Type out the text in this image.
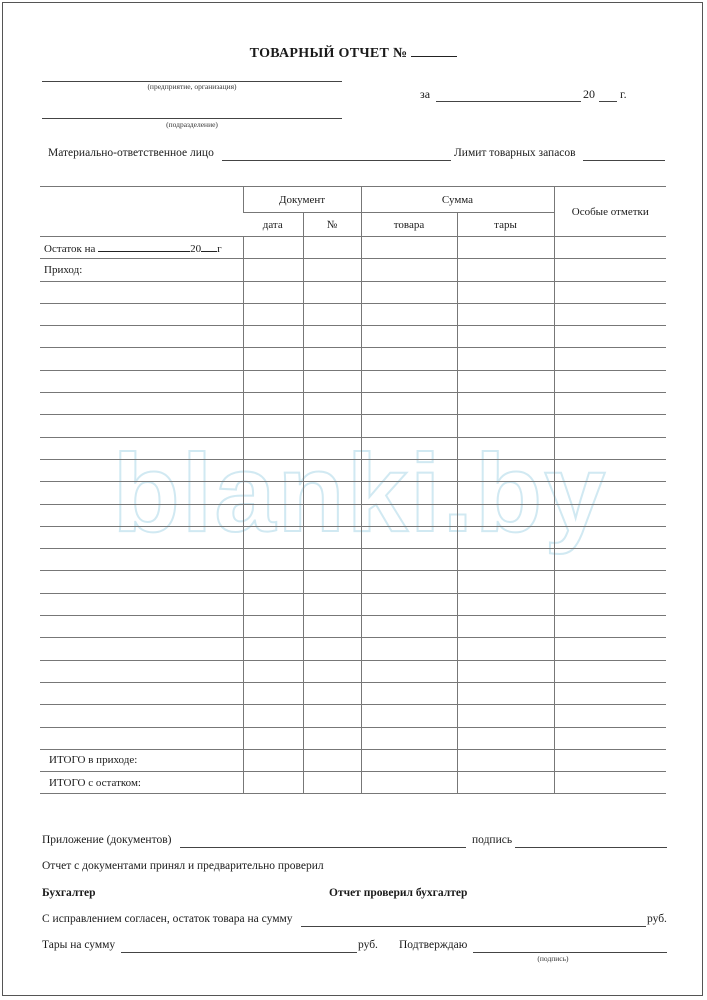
blanki.by
ТОВАРНЫЙ ОТЧЕТ №
(предприятие, организация)
за	20 г.
(подразделение)
Материально-ответственное лицо	Лимит товарных запасов
	Документ		Сумма		Особые отметки
	дата	№	товара	тары	
Остаток на 20 г					
Приход:					

ИТОГО в приходе:					
ИТОГО с остатком:					
Приложение (документов)	подпись
Отчет с документами принял и предварительно проверил
Бухгалтер	Отчет проверил бухгалтер
С исправлением согласен, остаток товара на сумму	руб.
Тары на сумму	руб. Подтверждаю
(подпись)
